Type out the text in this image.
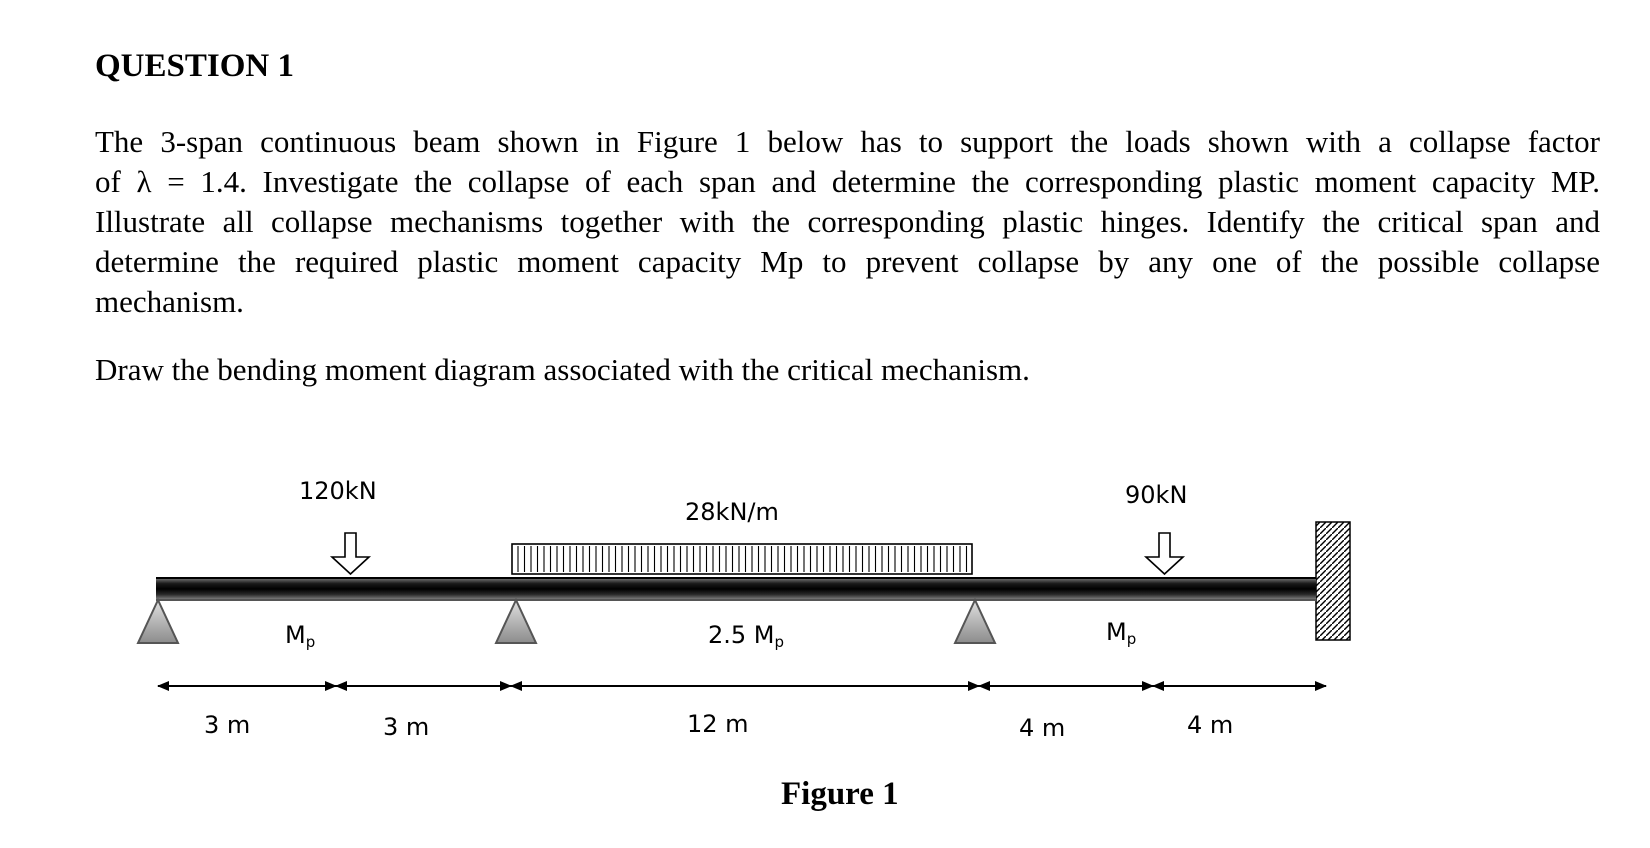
QUESTION 1

The 3-span continuous beam shown in Figure 1 below has to support the loads shown with a collapse factor
of λ = 1.4. Investigate the collapse of each span and determine the corresponding plastic moment capacity MP.
Illustrate all collapse mechanisms together with the corresponding plastic hinges. Identify the critical span and
determine the required plastic moment capacity Mp to prevent collapse by any one of the possible collapse
mechanism.

Draw the bending moment diagram associated with the critical mechanism.

120kN
28kN/m
90kN
Mp	2.5 Mp	Mp
3 m	3 m	12 m	4 m	4 m
Figure 1
